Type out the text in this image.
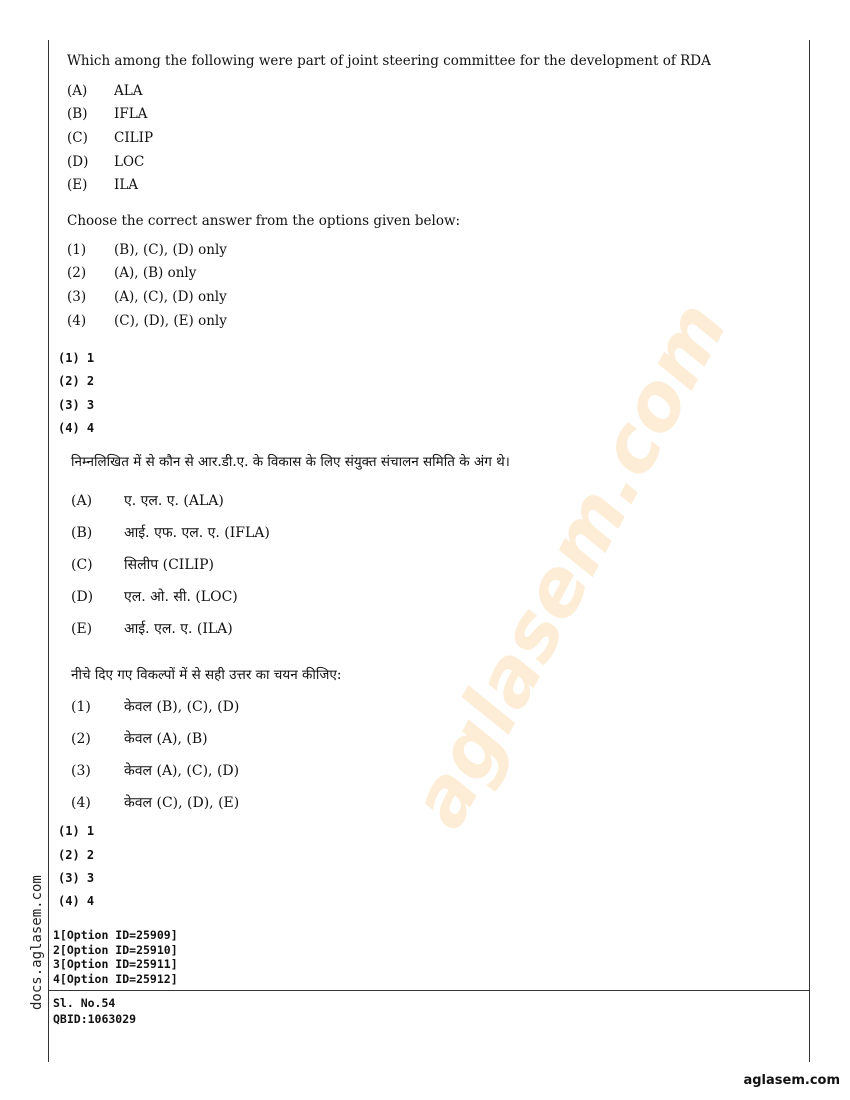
aglasem.com
Which among the following were part of joint steering committee for the development of RDA
(A) ALA
(B) IFLA
(C) CILIP
(D) LOC
(E) ILA
Choose the correct answer from the options given below:
(1) (B), (C), (D) only
(2) (A), (B) only
(3) (A), (C), (D) only
(4) (C), (D), (E) only
(1) 1
(2) 2
(3) 3
(4) 4
निम्नलिखित में से कौन से आर.डी.ए. के विकास के लिए संयुक्त संचालन समिति के अंग थे।
(A) ए. एल. ए. (ALA)
(B) आई. एफ. एल. ए. (IFLA)
(C) सिलीप (CILIP)
(D) एल. ओ. सी. (LOC)
(E) आई. एल. ए. (ILA)
नीचे दिए गए विकल्पों में से सही उत्तर का चयन कीजिए:
(1) केवल (B), (C), (D)
(2) केवल (A), (B)
(3) केवल (A), (C), (D)
(4) केवल (C), (D), (E)
(1) 1
(2) 2
(3) 3
(4) 4
1[Option ID=25909]
2[Option ID=25910]
3[Option ID=25911]
4[Option ID=25912]
Sl. No.54
QBID:1063029
docs.aglasem.com
aglasem.com
